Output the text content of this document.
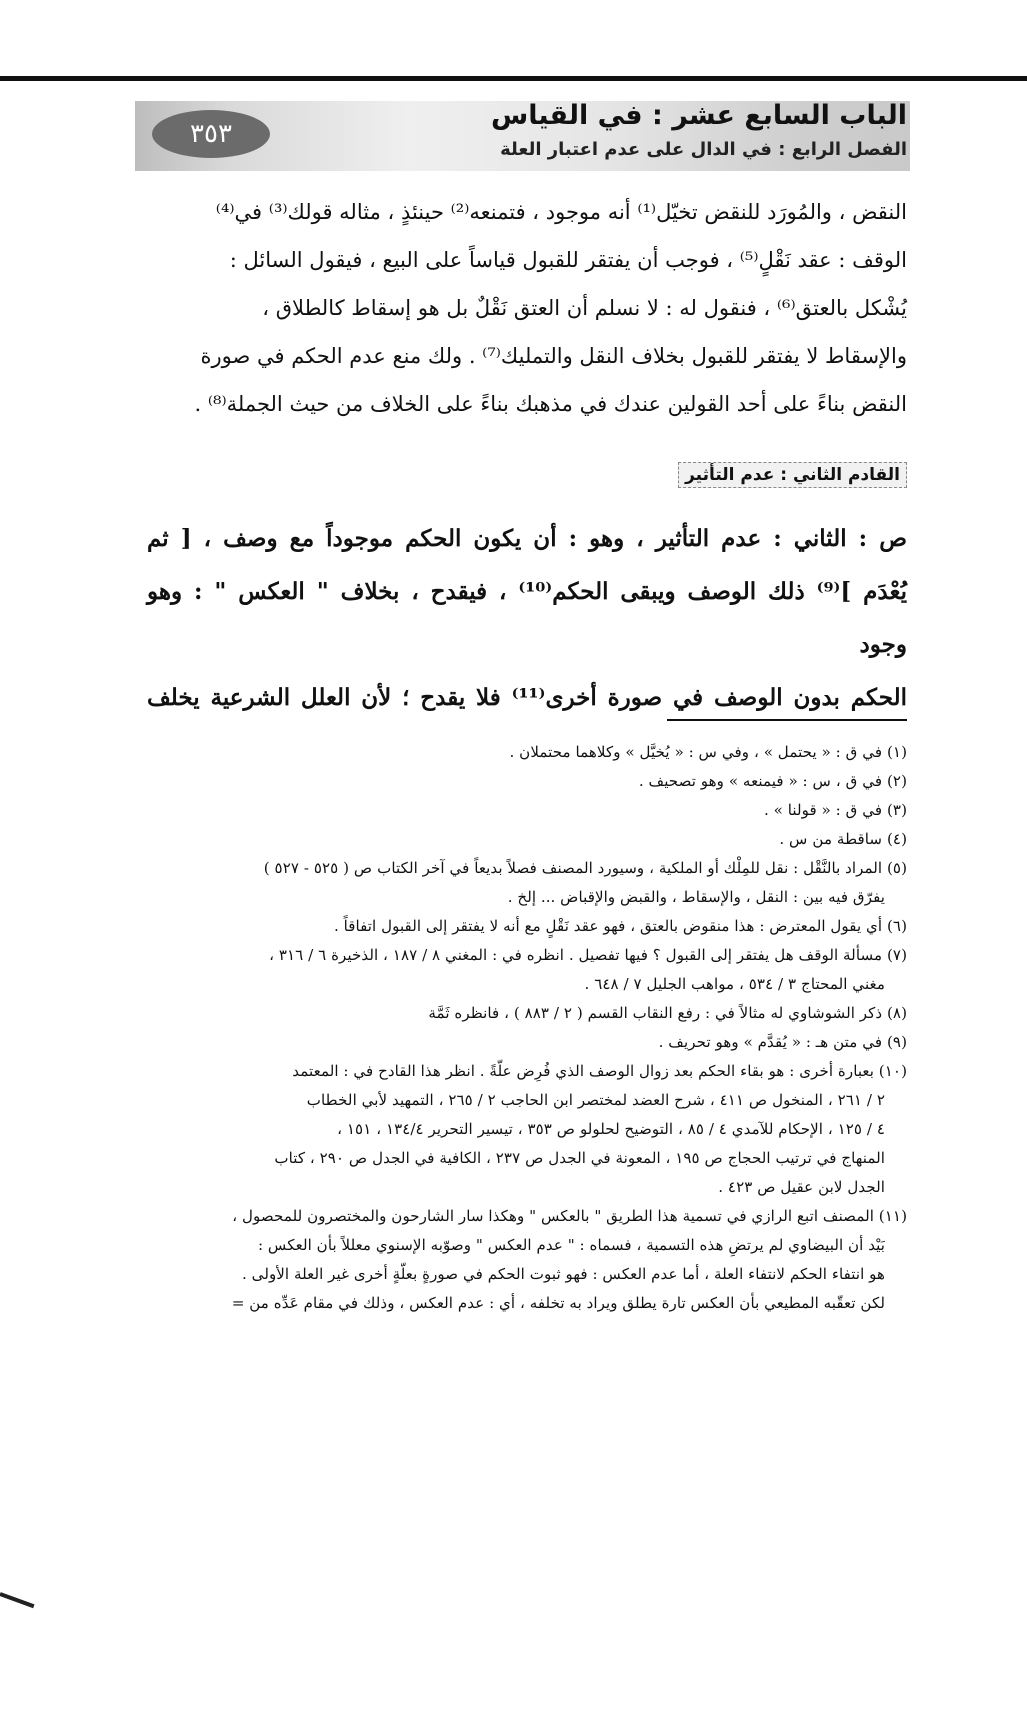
٣٥٣
الباب السابع عشر : في القياس
الفصل الرابع : في الدال على عدم اعتبار العلة

النقض ، والمُورَد للنقض تخيّل⁽¹⁾ أنه موجود ، فتمنعه⁽²⁾ حينئذٍ ، مثاله قولك⁽³⁾ في⁽⁴⁾

الوقف : عقد نَقْلٍ⁽⁵⁾ ، فوجب أن يفتقر للقبول قياساً على البيع ، فيقول السائل :

يُشْكل بالعتق⁽⁶⁾ ، فنقول له : لا نسلم أن العتق نَقْلٌ بل هو إسقاط كالطلاق ،

والإسقاط لا يفتقر للقبول بخلاف النقل والتمليك⁽⁷⁾ . ولك منع عدم الحكم في صورة

النقض بناءً على أحد القولين عندك في مذهبك بناءً على الخلاف من حيث الجملة⁽⁸⁾ .

القادم الثاني : عدم التأثير

ص : الثاني : عدم التأثير ، وهو : أن يكون الحكم موجوداً مع وصف ، [ ثم

يُعْدَم ]⁽⁹⁾ ذلك الوصف ويبقى الحكم⁽¹⁰⁾ ، فيقدح ، بخلاف " العكس " : وهو وجود

الحكم بدون الوصف في صورة أخرى⁽¹¹⁾ فلا يقدح ؛ لأن العلل الشرعية يخلف

(١) في ق : « يحتمل » ، وفي س : « يُخيَّل » وكلاهما محتملان .

(٢) في ق ، س : « فيمنعه » وهو تصحيف .

(٣) في ق : « قولنا » .

(٤) ساقطة من س .

(٥) المراد بالنَّقْل : نقل للمِلْك أو الملكية ، وسيورد المصنف فصلاً بديعاً في آخر الكتاب ص ( ٥٢٥ - ٥٢٧ )

يفرّق فيه بين : النقل ، والإسقاط ، والقبض والإقباض ... إلخ .

(٦) أي يقول المعترض : هذا منقوض بالعتق ، فهو عقد نَقْلٍ مع أنه لا يفتقر إلى القبول اتفاقاً .

(٧) مسألة الوقف هل يفتقر إلى القبول ؟ فيها تفصيل . انظره في : المغني ٨ / ١٨٧ ، الذخيرة ٦ / ٣١٦ ،

مغني المحتاج ٣ / ٥٣٤ ، مواهب الجليل ٧ / ٦٤٨ .

(٨) ذكر الشوشاوي له مثالاً في : رفع النقاب القسم ( ٢ / ٨٨٣ ) ، فانظره ثَمَّة

(٩) في متن هـ : « يُقدَّم » وهو تحريف .

(١٠) بعبارة أخرى : هو بقاء الحكم بعد زوال الوصف الذي فُرِض علّةً . انظر هذا القادح في : المعتمد

٢ / ٢٦١ ، المنخول ص ٤١١ ، شرح العضد لمختصر ابن الحاجب ٢ / ٢٦٥ ، التمهيد لأبي الخطاب

٤ / ١٢٥ ، الإحكام للآمدي ٤ / ٨٥ ، التوضيح لحلولو ص ٣٥٣ ، تيسير التحرير ١٣٤/٤ ، ١٥١ ،

المنهاج في ترتيب الحجاج ص ١٩٥ ، المعونة في الجدل ص ٢٣٧ ، الكافية في الجدل ص ٢٩٠ ، كتاب

الجدل لابن عقيل ص ٤٢٣ .

(١١) المصنف اتبع الرازي في تسمية هذا الطريق " بالعكس " وهكذا سار الشارحون والمختصرون للمحصول ،

بَيْد أن البيضاوي لم يرتضِ هذه التسمية ، فسماه : " عدم العكس " وصوّبه الإسنوي معللاً بأن العكس :

هو انتفاء الحكم لانتفاء العلة ، أما عدم العكس : فهو ثبوت الحكم في صورةٍ بعلّةٍ أخرى غير العلة الأولى .

لكن تعقّبه المطيعي بأن العكس تارة يطلق ويراد به تخلفه ، أي : عدم العكس ، وذلك في مقام عَدِّه من =
